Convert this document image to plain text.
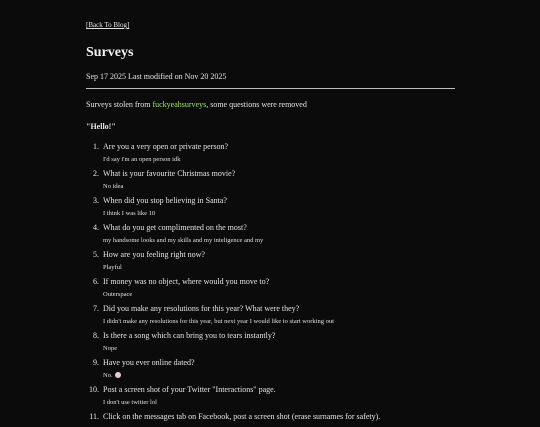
[Back To Blog]
Surveys
Sep 17 2025 Last modified on Nov 20 2025
Surveys stolen from fuckyeahsurveys, some questions were removed
"Hello!"
1. Are you a very open or private person?
I'd say i'm an open person idk
2. What is your favourite Christmas movie?
No idea
3. When did you stop believing in Santa?
I think I was like 10
4. What do you get complimented on the most?
my handsome looks and my skills and my inteligence and my
5. How are you feeling right now?
Playful
6. If money was no object, where would you move to?
Outerspace
7. Did you make any resolutions for this year? What were they?
I didn't make any resolutions for this year, but next year I would like to start working out
8. Is there a song which can bring you to tears instantly?
Nope
9. Have you ever online dated?
No.
10. Post a screen shot of your Twitter "Interactions" page.
I don't use twitter lol
11. Click on the messages tab on Facebook, post a screen shot (erase surnames for safety).
